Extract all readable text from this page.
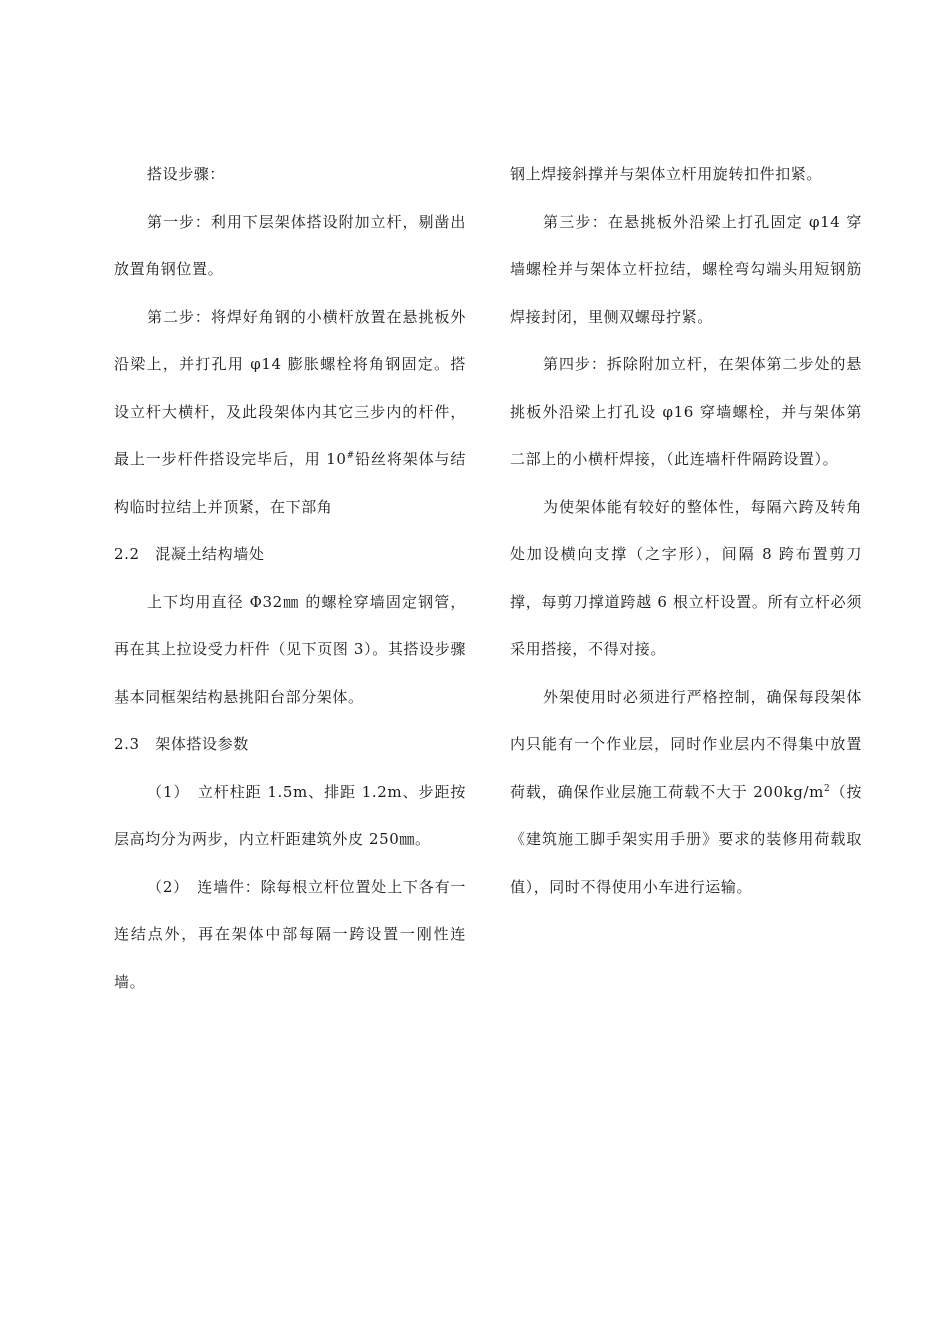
搭设步骤：

第一步：利用下层架体搭设附加立杆，剔凿出放置角钢位置。

第二步：将焊好角钢的小横杆放置在悬挑板外沿梁上，并打孔用 φ14 膨胀螺栓将角钢固定。搭设立杆大横杆，及此段架体内其它三步内的杆件，最上一步杆件搭设完毕后，用 10#铅丝将架体与结构临时拉结上并顶紧，在下部角

2.2　混凝土结构墙处

上下均用直径 Φ32㎜ 的螺栓穿墙固定钢管，再在其上拉设受力杆件（见下页图 3）。其搭设步骤基本同框架结构悬挑阳台部分架体。

2.3　架体搭设参数

（1）　立杆柱距 1.5m、排距 1.2m、步距按层高均分为两步，内立杆距建筑外皮 250㎜。

（2）　连墙件：除每根立杆位置处上下各有一连结点外，再在架体中部每隔一跨设置一刚性连墙。

钢上焊接斜撑并与架体立杆用旋转扣件扣紧。

第三步：在悬挑板外沿梁上打孔固定 φ14 穿墙螺栓并与架体立杆拉结，螺栓弯勾端头用短钢筋焊接封闭，里侧双螺母拧紧。

第四步：拆除附加立杆，在架体第二步处的悬挑板外沿梁上打孔设 φ16 穿墙螺栓，并与架体第二部上的小横杆焊接，（此连墙杆件隔跨设置）。

为使架体能有较好的整体性，每隔六跨及转角处加设横向支撑（之字形），间隔 8 跨布置剪刀撑，每剪刀撑道跨越 6 根立杆设置。所有立杆必须采用搭接，不得对接。

外架使用时必须进行严格控制，确保每段架体内只能有一个作业层，同时作业层内不得集中放置荷载，确保作业层施工荷载不大于 $200kg/m^2$（按《建筑施工脚手架实用手册》要求的装修用荷载取值），同时不得使用小车进行运输。
